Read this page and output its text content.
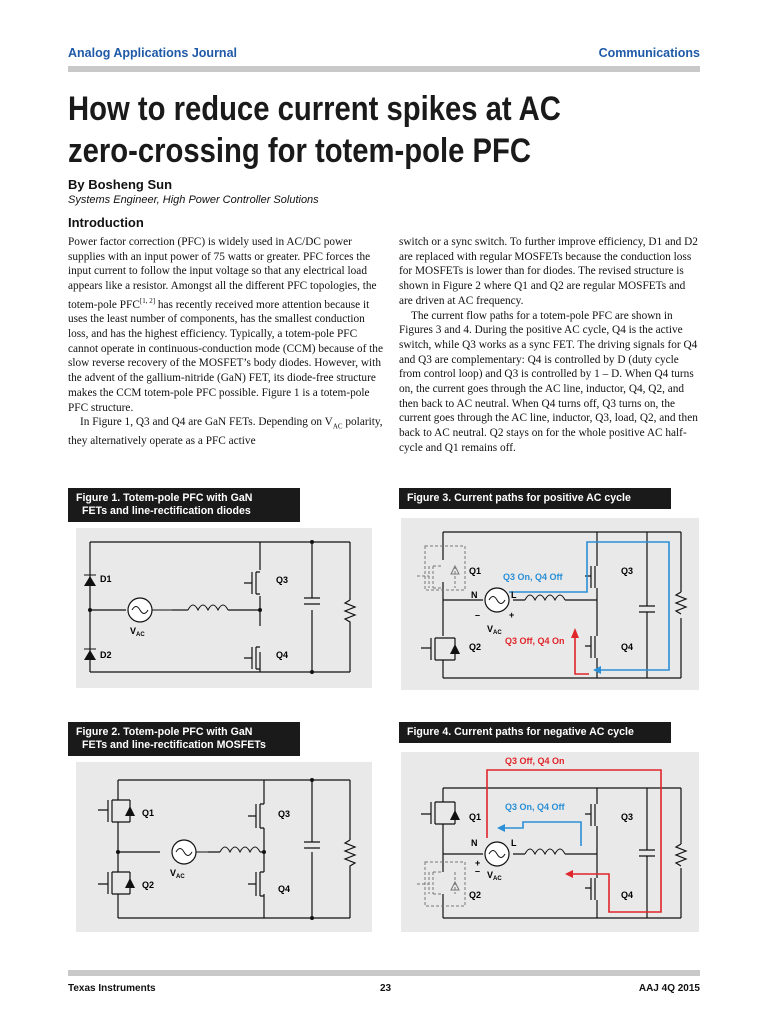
Analog Applications Journal	Communications
How to reduce current spikes at AC
zero-crossing for totem-pole PFC
By Bosheng Sun
Systems Engineer, High Power Controller Solutions
Introduction

Power factor correction (PFC) is widely used in AC/DC power supplies with an input power of 75 watts or greater. PFC forces the input current to follow the input voltage so that any electrical load appears like a resistor. Amongst all the different PFC topologies, the totem-pole PFC[1, 2] has recently received more attention because it uses the least number of components, has the smallest conduction loss, and has the highest efficiency. Typically, a totem-pole PFC cannot operate in continuous-conduction mode (CCM) because of the slow reverse recovery of the MOSFET’s body diodes. However, with the advent of the gallium-nitride (GaN) FET, its diode-free structure makes the CCM totem-pole PFC possible. Figure 1 is a totem-pole PFC structure.

In Figure 1, Q3 and Q4 are GaN FETs. Depending on $V_{AC}$ polarity, they alternatively operate as a PFC active

switch or a sync switch. To further improve efficiency, D1 and D2 are replaced with regular MOSFETs because the conduction loss for MOSFETs is lower than for diodes. The revised structure is shown in Figure 2 where Q1 and Q2 are regular MOSFETs and are driven at AC frequency.

The current flow paths for a totem-pole PFC are shown in Figures 3 and 4. During the positive AC cycle, Q4 is the active switch, while Q3 works as a sync FET. The driving signals for Q4 and Q3 are complementary: Q4 is controlled by D (duty cycle from control loop) and Q3 is controlled by 1 – D. When Q4 turns on, the current goes through the AC line, inductor, Q4, Q2, and then back to AC neutral. When Q4 turns off, Q3 turns on, the current goes through the AC line, inductor, Q3, load, Q2, and then back to AC neutral. Q2 stays on for the whole positive AC half-cycle and Q1 remains off.

Figure 1. Totem-pole PFC with GaN
FETs and line-rectification diodes
D1
D2
Q3
Q4
$V_{AC}$
Figure 2. Totem-pole PFC with GaN
FETs and line-rectification MOSFETs
Q1
Q2
Q3
Q4
$V_{AC}$
Figure 3. Current paths for positive AC cycle
Q3 On, Q4 Off
Q3 Off, Q4 On
Q1
Q2
Q3
Q4
N	L
–	+
$V_{AC}$
Figure 4. Current paths for negative AC cycle
Q3 Off, Q4 On
Q3 On, Q4 Off
Q1
Q2
Q3
Q4
N	L
+
– $V_{AC}$
Texas Instruments	23	AAJ 4Q 2015
